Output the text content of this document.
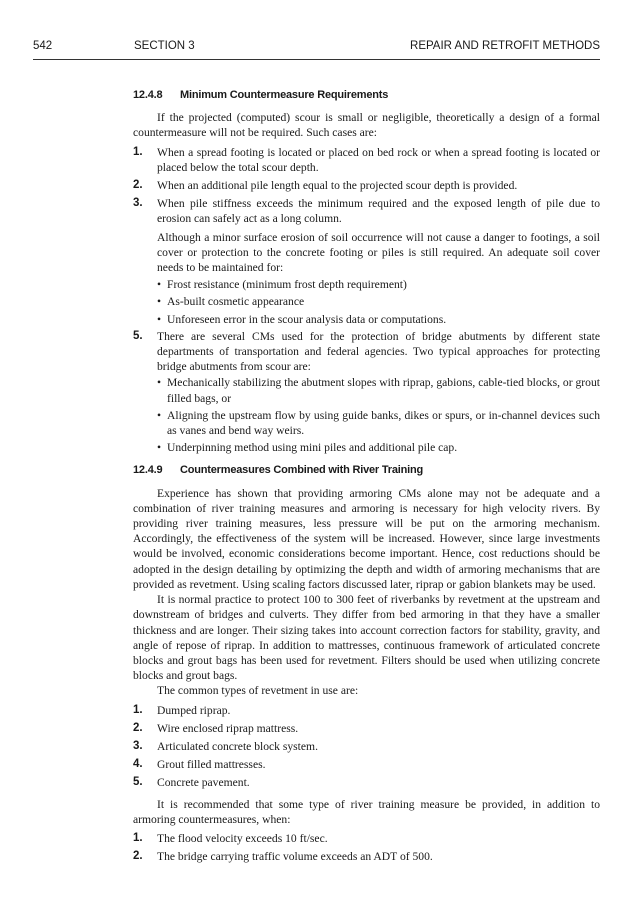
542	SECTION 3	REPAIR AND RETROFIT METHODS
12.4.8 Minimum Countermeasure Requirements

If the projected (computed) scour is small or negligible, theoretically a design of a formal countermeasure will not be required. Such cases are:

1. When a spread footing is located or placed on bed rock or when a spread footing is located or placed below the total scour depth.
2. When an additional pile length equal to the projected scour depth is provided.
3. When pile stiffness exceeds the minimum required and the exposed length of pile due to erosion can safely act as a long column.

Although a minor surface erosion of soil occurrence will not cause a danger to footings, a soil cover or protection to the concrete footing or piles is still required. An adequate soil cover needs to be maintained for:

• Frost resistance (minimum frost depth requirement)
• As-built cosmetic appearance
• Unforeseen error in the scour analysis data or computations.
5. There are several CMs used for the protection of bridge abutments by different state departments of transportation and federal agencies. Two typical approaches for protecting bridge abutments from scour are:
• Mechanically stabilizing the abutment slopes with riprap, gabions, cable-tied blocks, or grout filled bags, or
• Aligning the upstream flow by using guide banks, dikes or spurs, or in-channel devices such as vanes and bend way weirs.
• Underpinning method using mini piles and additional pile cap.
12.4.9 Countermeasures Combined with River Training

Experience has shown that providing armoring CMs alone may not be adequate and a combination of river training measures and armoring is necessary for high velocity rivers. By providing river training measures, less pressure will be put on the armoring mechanism. Accordingly, the effectiveness of the system will be increased. However, since large investments would be involved, economic considerations become important. Hence, cost reductions should be adopted in the design detailing by optimizing the depth and width of armoring mechanisms that are provided as revetment. Using scaling factors discussed later, riprap or gabion blankets may be used.

It is normal practice to protect 100 to 300 feet of riverbanks by revetment at the upstream and downstream of bridges and culverts. They differ from bed armoring in that they have a smaller thickness and are longer. Their sizing takes into account correction factors for stability, gravity, and angle of repose of riprap. In addition to mattresses, continuous framework of articulated concrete blocks and grout bags has been used for revetment. Filters should be used when utilizing concrete blocks and grout bags.

The common types of revetment in use are:

1. Dumped riprap.
2. Wire enclosed riprap mattress.
3. Articulated concrete block system.
4. Grout filled mattresses.
5. Concrete pavement.

It is recommended that some type of river training measure be provided, in addition to armoring countermeasures, when:

1. The flood velocity exceeds 10 ft/sec.
2. The bridge carrying traffic volume exceeds an ADT of 500.
